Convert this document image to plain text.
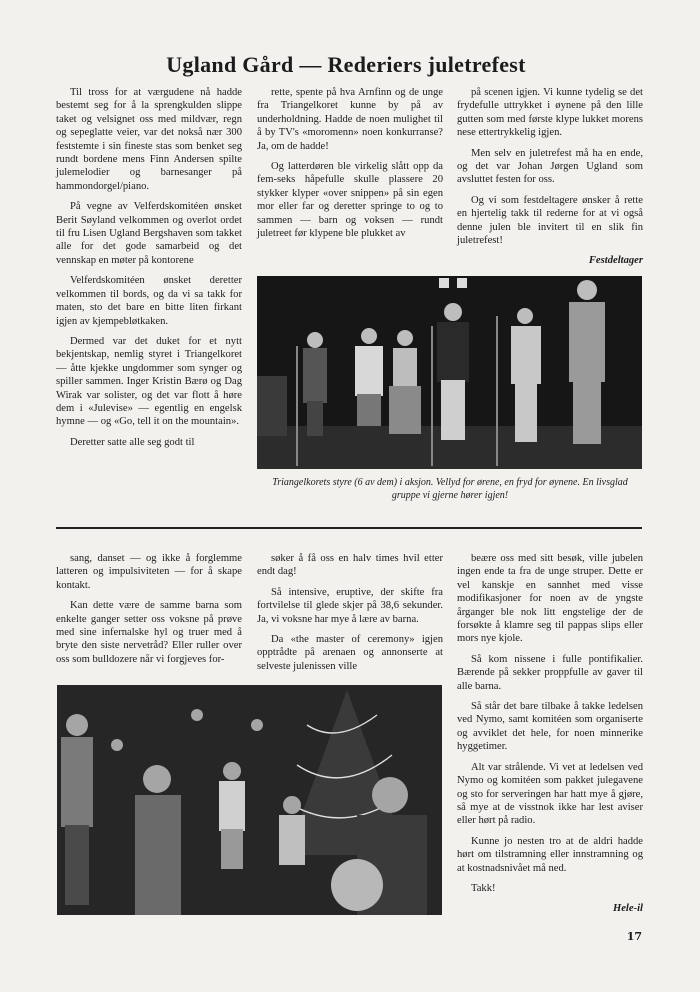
Ugland Gård — Rederiers juletrefest

Til tross for at værgudene nå hadde bestemt seg for å la sprengkulden slippe taket og velsignet oss med mildvær, regn og sepeglatte veier, var det nokså nær 300 feststemte i sin fineste stas som benket seg rundt bordene mens Finn Andersen spilte julemelodier og barnesanger på hammondorgel/piano.

På vegne av Velferdskomitéen ønsket Berit Søyland velkommen og overlot ordet til fru Lisen Ugland Bergshaven som takket alle for det gode samarbeid og det vennskap en møter på kontorene

Velferdskomitéen ønsket deretter velkommen til bords, og da vi sa takk for maten, sto det bare en bitte liten firkant igjen av kjempebløtkaken.

Dermed var det duket for et nytt bekjentskap, nemlig styret i Triangelkoret — åtte kjekke ungdommer som synger og spiller sammen. Inger Kristin Bærø og Dag Wirak var solister, og det var flott å høre dem i «Julevise» — egentlig en engelsk hymne — og «Go, tell it on the mountain».

Deretter satte alle seg godt til

rette, spente på hva Arnfinn og de unge fra Triangelkoret kunne by på av underholdning. Hadde de noen mulighet til å by TV's «moromenn» noen konkurranse? Ja, om de hadde!

Og latterdøren ble virkelig slått opp da fem-seks håpefulle skulle plassere 20 stykker klyper «over snippen» på sin egen mor eller far og deretter springe to og to sammen — barn og voksen — rundt juletreet før klypene ble plukket av

på scenen igjen. Vi kunne tydelig se det frydefulle uttrykket i øynene på den lille gutten som med første klype lukket morens nese ettertrykkelig igjen.

Men selv en juletrefest må ha en ende, og det var Johan Jørgen Ugland som avsluttet festen for oss.

Og vi som festdeltagere ønsker å rette en hjertelig takk til rederne for at vi også denne julen ble invitert til en slik fin juletrefest!

Festdeltager
Triangelkorets styre (6 av dem) i aksjon. Vellyd for ørene, en fryd for øynene. En livsglad gruppe vi gjerne hører igjen!

sang, danset — og ikke å forglemme latteren og impulsiviteten — for å skape kontakt.

Kan dette være de samme barna som enkelte ganger setter oss voksne på prøve med sine infernalske hyl og truer med å bryte den siste nervetråd? Eller ruller over oss som bulldozere når vi forgjeves for-

søker å få oss en halv times hvil etter endt dag!

Så intensive, eruptive, der skifte fra fortvilelse til glede skjer på 38,6 sekunder. Ja, vi voksne har mye å lære av barna.

Da «the master of ceremony» igjen opptrådte på arenaen og annonserte at selveste julenissen ville

beære oss med sitt besøk, ville jubelen ingen ende ta fra de unge struper. Dette er vel kanskje en sannhet med visse modifikasjoner for noen av de yngste årganger ble nok litt engstelige der de forsøkte å klamre seg til pappas slips eller mors nye kjole.

Så kom nissene i fulle pontifikalier. Bærende på sekker proppfulle av gaver til alle barna.

Så står det bare tilbake å takke ledelsen ved Nymo, samt komitéen som organiserte og avviklet det hele, for noen minnerike hyggetimer.

Alt var strålende. Vi vet at ledelsen ved Nymo og komitéen som pakket julegavene og sto for serveringen har hatt mye å gjøre, så mye at de visstnok ikke har lest aviser eller hørt på radio.

Kunne jo nesten tro at de aldri hadde hørt om tilstramning eller innstramning og at kostnadsnivået må ned.

Takk!

Hele-il
17
